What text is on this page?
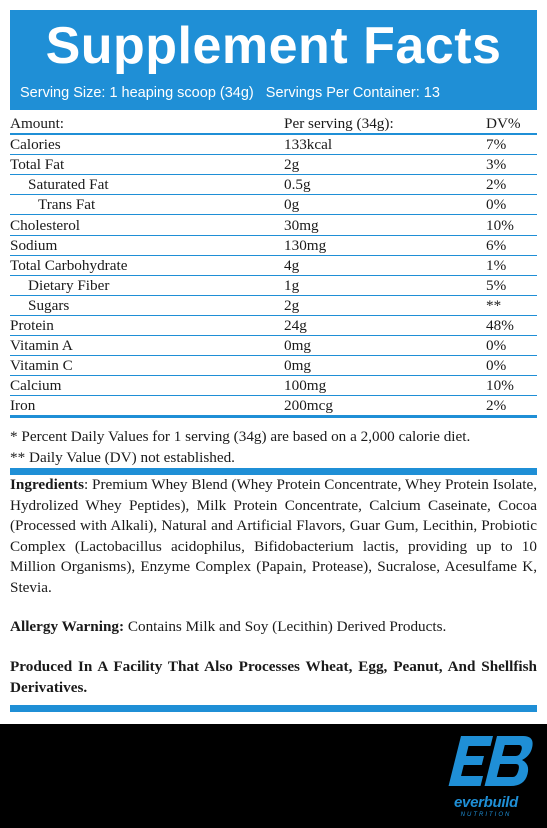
Supplement Facts
Serving Size: 1 heaping scoop (34g) Servings Per Container: 13
Amount:	Per serving (34g):	DV%
Calories	133kcal	7%
Total Fat	2g	3%
Saturated Fat	0.5g	2%
Trans Fat	0g	0%
Cholesterol	30mg	10%
Sodium	130mg	6%
Total Carbohydrate	4g	1%
Dietary Fiber	1g	5%
Sugars	2g	**
Protein	24g	48%
Vitamin A	0mg	0%
Vitamin C	0mg	0%
Calcium	100mg	10%
Iron	200mcg	2%
* Percent Daily Values for 1 serving (34g) are based on a 2,000 calorie diet.
** Daily Value (DV) not established.
Ingredients: Premium Whey Blend (Whey Protein Concentrate, Whey Protein Isolate, Hydrolized Whey Peptides), Milk Protein Concentrate, Calcium Caseinate, Cocoa (Processed with Alkali), Natural and Artificial Flavors, Guar Gum, Lecithin, Probiotic Complex (Lactobacillus acidophilus, Bifidobacterium lactis, providing up to 10 Million Organisms), Enzyme Complex (Papain, Protease), Sucralose, Acesulfame K, Stevia.
Allergy Warning: Contains Milk and Soy (Lecithin) Derived Products.
Produced In A Facility That Also Processes Wheat, Egg, Peanut, And Shellfish Derivatives.
everbuild
NUTRITION
